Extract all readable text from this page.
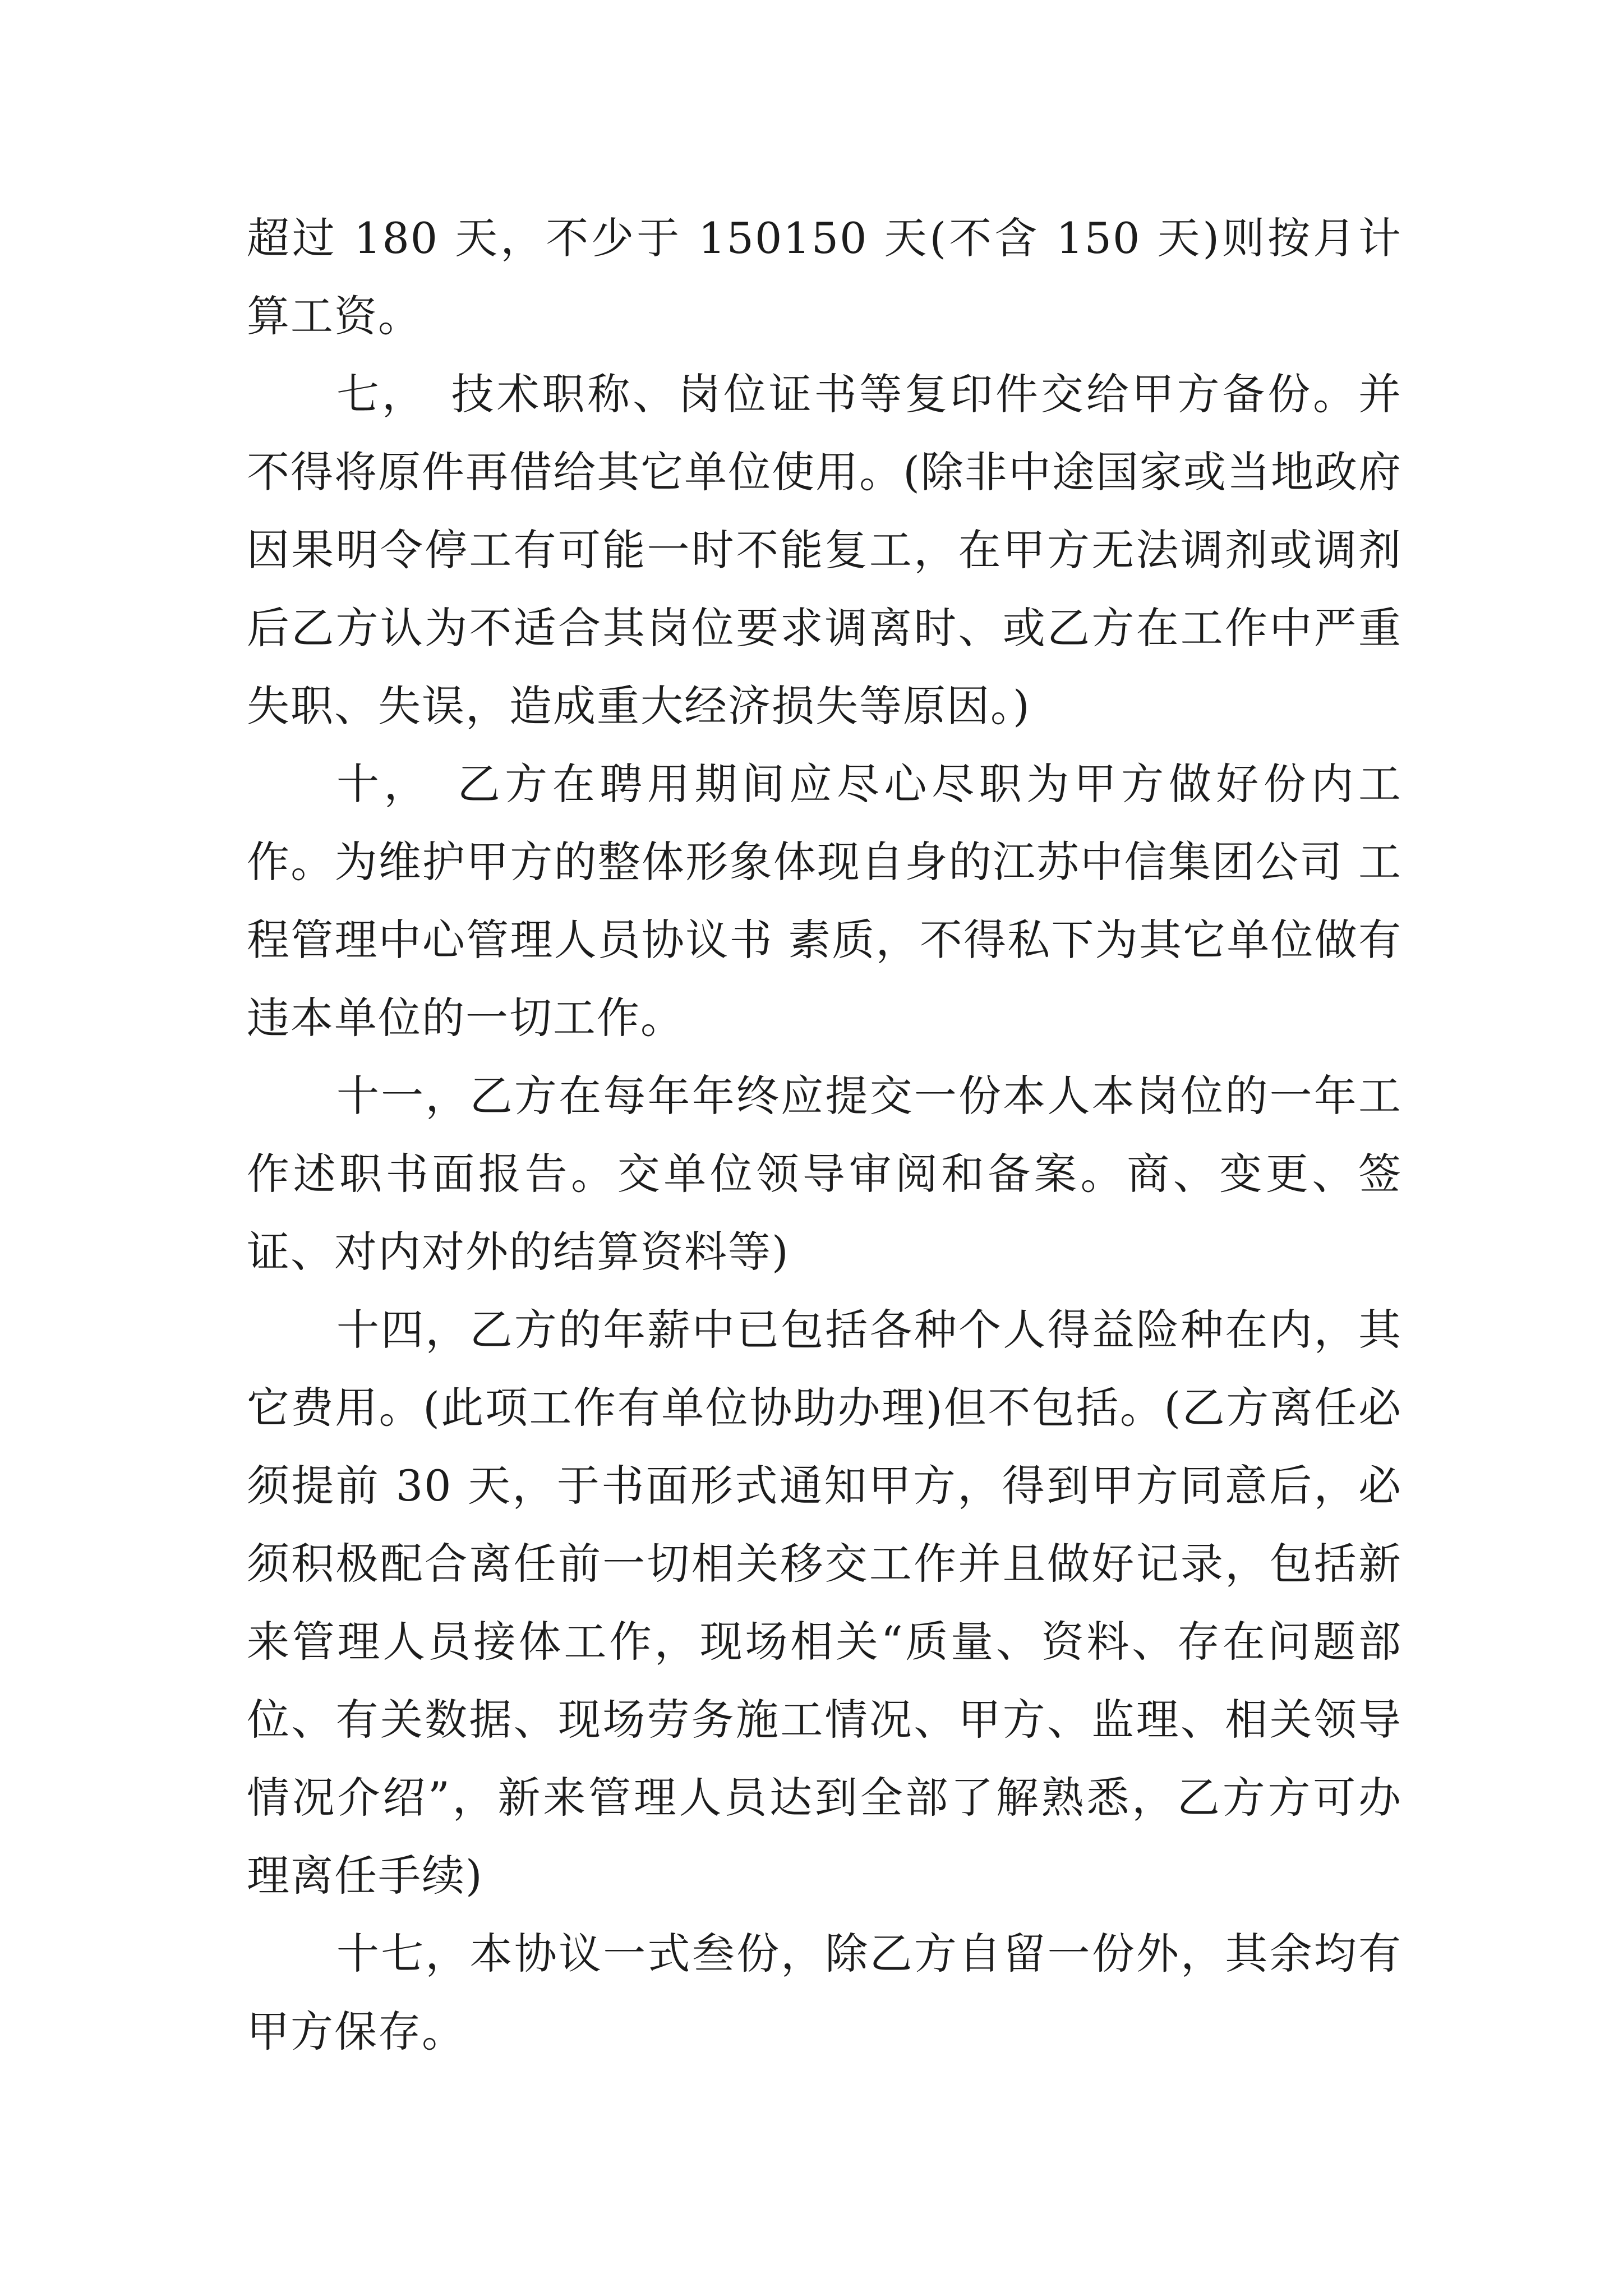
超过 180 天，不少于 150150 天(不含 150 天)则按月计算工资。

七，　技术职称、岗位证书等复印件交给甲方备份。并不得将原件再借给其它单位使用。(除非中途国家或当地政府因果明令停工有可能一时不能复工，在甲方无法调剂或调剂后乙方认为不适合其岗位要求调离时、或乙方在工作中严重失职、失误，造成重大经济损失等原因。)

十，　乙方在聘用期间应尽心尽职为甲方做好份内工作。为维护甲方的整体形象体现自身的江苏中信集团公司 工程管理中心管理人员协议书 素质，不得私下为其它单位做有违本单位的一切工作。

十一，乙方在每年年终应提交一份本人本岗位的一年工作述职书面报告。交单位领导审阅和备案。商、变更、签证、对内对外的结算资料等)

十四，乙方的年薪中已包括各种个人得益险种在内，其它费用。(此项工作有单位协助办理)但不包括。(乙方离任必须提前 30 天，于书面形式通知甲方，得到甲方同意后，必须积极配合离任前一切相关移交工作并且做好记录，包括新来管理人员接体工作，现场相关“质量、资料、存在问题部位、有关数据、现场劳务施工情况、甲方、监理、相关领导情况介绍”，新来管理人员达到全部了解熟悉，乙方方可办理离任手续)

十七，本协议一式叁份，除乙方自留一份外，其余均有甲方保存。
